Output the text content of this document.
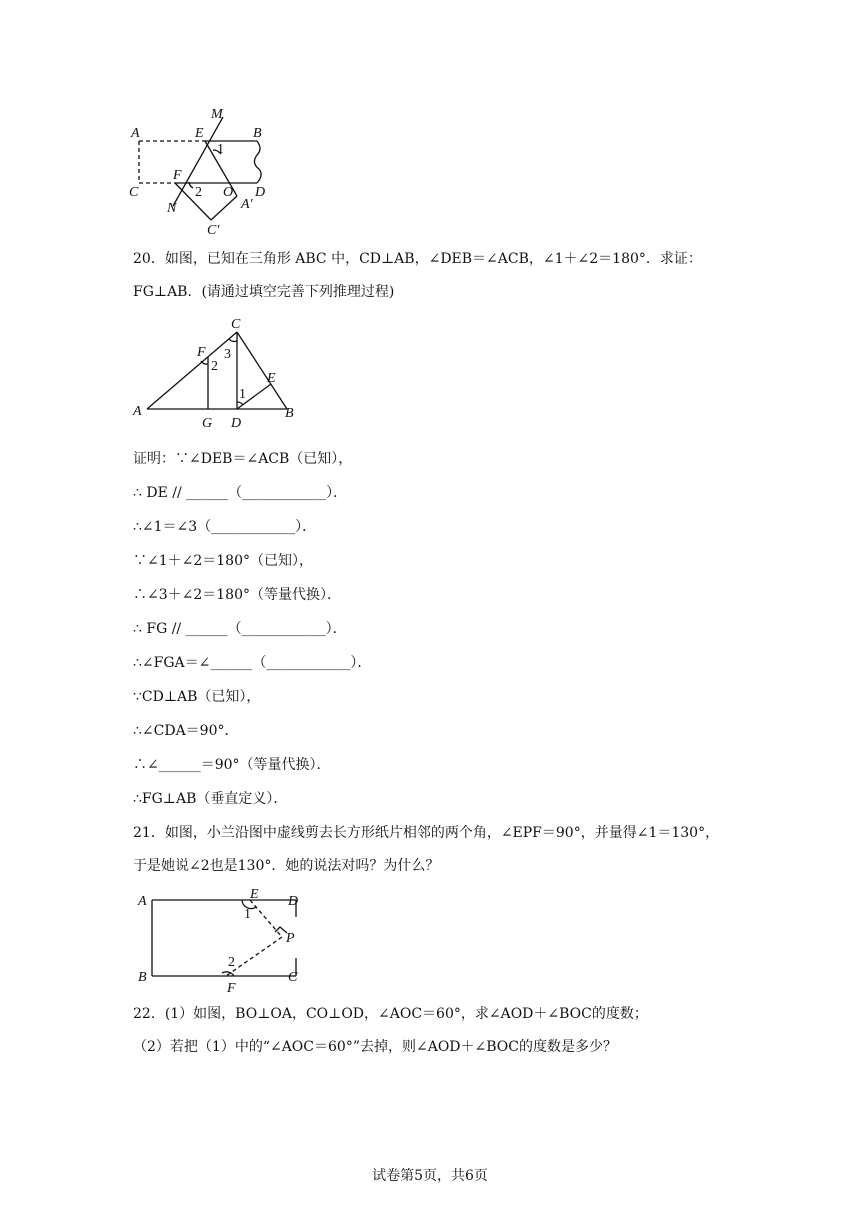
M
A	E	B
1
C
F
2 O D
N	A′
C′
20．如图，已知在三角形 ABC 中，CD⊥AB，∠DEB＝∠ACB，∠1＋∠2＝180°．求证：
FG⊥AB．(请通过填空完善下列推理过程)
C
F 3
2
E
1
A
G D
B
证明：∵∠DEB＝∠ACB（已知），
∴ DE // ______（____________）．
∴∠1＝∠3（____________）．
∵∠1＋∠2＝180°（已知），
∴∠3＋∠2＝180°（等量代换）．
∴ FG // ______（____________）．
∴∠FGA＝∠______（____________）．
∵CD⊥AB（已知），
∴∠CDA＝90°．
∴∠______＝90°（等量代换）．
∴FG⊥AB（垂直定义）．
21．如图，小兰沿图中虚线剪去长方形纸片相邻的两个角，∠EPF＝90°，并量得∠1＝130°，
于是她说∠2也是130°．她的说法对吗？为什么？
A	E D
1
P
2
B
F
C
22．(1）如图，BO⊥OA，CO⊥OD，∠AOC＝60°，求∠AOD＋∠BOC的度数；
（2）若把（1）中的“∠AOC＝60°”去掉，则∠AOD＋∠BOC的度数是多少？
试卷第5页，共6页
